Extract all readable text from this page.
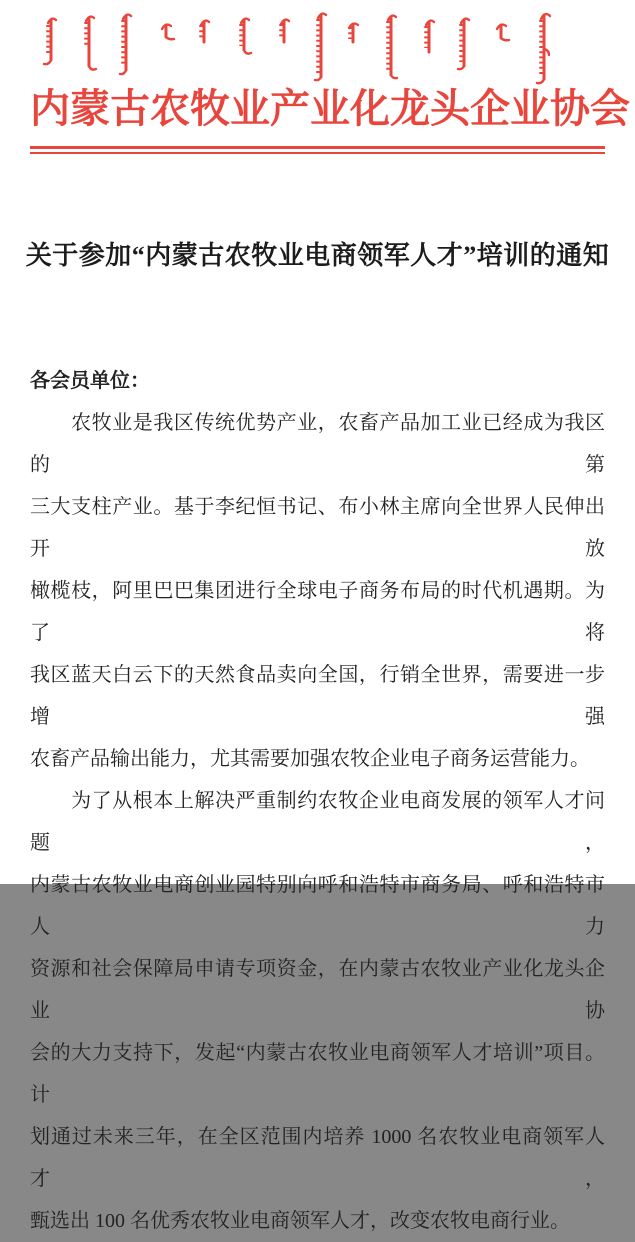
内蒙古农牧业产业化龙头企业协会
关于参加“内蒙古农牧业电商领军人才”培训的通知
各会员单位：
　　农牧业是我区传统优势产业，农畜产品加工业已经成为我区的第
三大支柱产业。基于李纪恒书记、布小林主席向全世界人民伸出开放
橄榄枝，阿里巴巴集团进行全球电子商务布局的时代机遇期。为了将
我区蓝天白云下的天然食品卖向全国，行销全世界，需要进一步增强
农畜产品输出能力，尤其需要加强农牧企业电子商务运营能力。
　　为了从根本上解决严重制约农牧企业电商发展的领军人才问题，
内蒙古农牧业电商创业园特别向呼和浩特市商务局、呼和浩特市人力
资源和社会保障局申请专项资金，在内蒙古农牧业产业化龙头企业协
会的大力支持下，发起“内蒙古农牧业电商领军人才培训”项目。计
划通过未来三年，在全区范围内培养 1000 名农牧业电商领军人才，
甄选出 100 名优秀农牧业电商领军人才，改变农牧电商行业。
